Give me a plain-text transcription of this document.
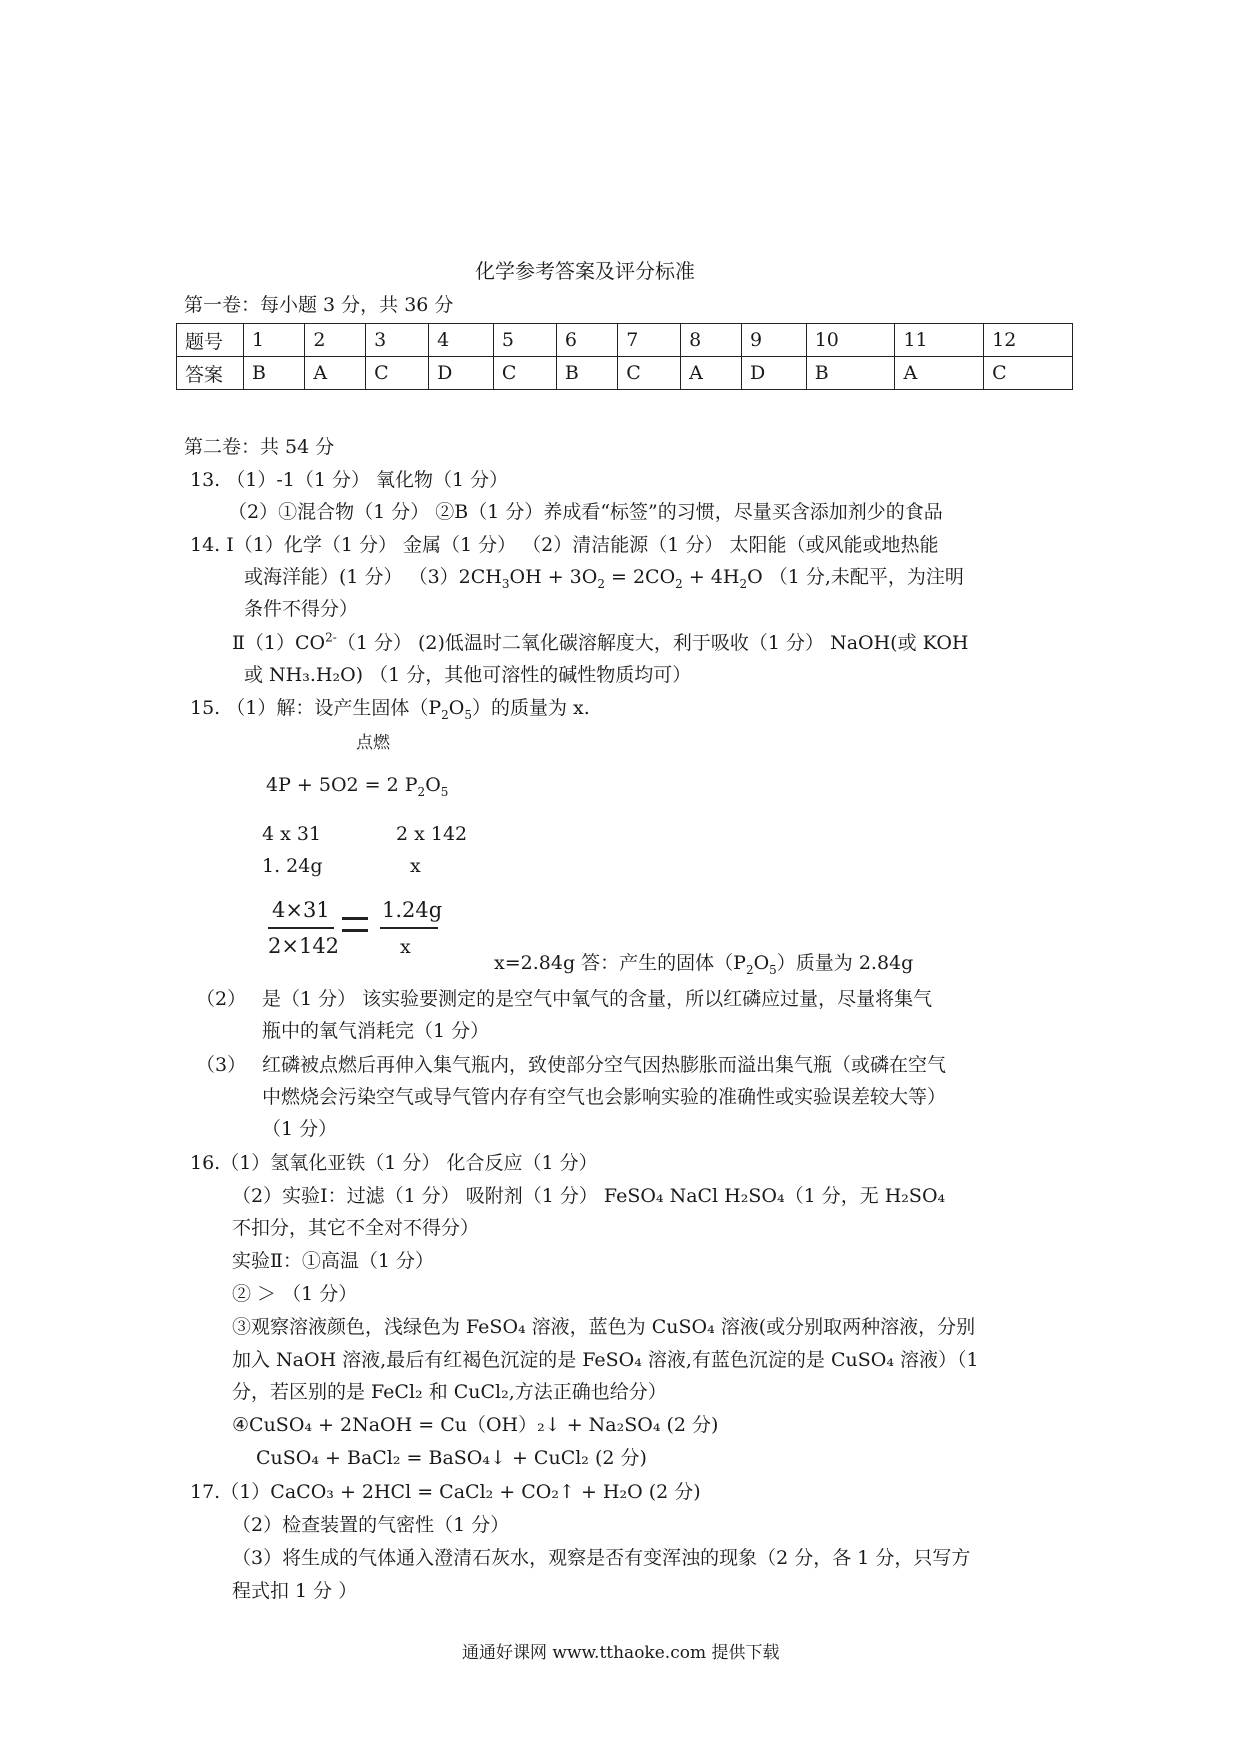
化学参考答案及评分标准
第一卷：每小题 3 分，共 36 分
题号	1	2	3	4	5	6	7	8	9	10	11	12
答案	B	A	C	D	C	B	C	A	D	B	A	C
第二卷：共 54 分
13. （1）-1（1 分） 氧化物（1 分）
（2）①混合物（1 分） ②B（1 分）养成看“标签”的习惯，尽量买含添加剂少的食品
14. Ⅰ（1）化学（1 分） 金属（1 分） （2）清洁能源（1 分） 太阳能（或风能或地热能
或海洋能）(1 分） $(3)2CH_3OH + 3O_2 = 2CO_2 + 4H_2O$ （1 分,未配平，为注明
条件不得分）
$Ⅱ(1)CO^{2-}(1$ 分） (2)低温时二氧化碳溶解度大，利于吸收（1 分） NaOH(或 KOH
或 NH₃.H₂O) （1 分，其他可溶性的碱性物质均可）
15. （1）解：设产生固体$(P_2O_5)$的质量为 x.
点燃
4P + 5O2 = 2 $P_2O_5$
4 x 31	2 x 142
1. 24g	x
4×31
2×142
1.24g
x
x=2.84g 答：产生的固体$(P_2O_5)$质量为 2.84g
（2） 是（1 分） 该实验要测定的是空气中氧气的含量，所以红磷应过量，尽量将集气
瓶中的氧气消耗完（1 分）
（3） 红磷被点燃后再伸入集气瓶内，致使部分空气因热膨胀而溢出集气瓶（或磷在空气
中燃烧会污染空气或导气管内存有空气也会影响实验的准确性或实验误差较大等）
（1 分）
16.（1）氢氧化亚铁（1 分） 化合反应（1 分）
（2）实验Ⅰ：过滤（1 分） 吸附剂（1 分） FeSO₄ NaCl H₂SO₄（1 分，无 H₂SO₄
不扣分，其它不全对不得分）
实验Ⅱ：①高温（1 分）
② ＞ （1 分）
③观察溶液颜色，浅绿色为 FeSO₄ 溶液，蓝色为 CuSO₄ 溶液(或分别取两种溶液，分别
加入 NaOH 溶液,最后有红褐色沉淀的是 FeSO₄ 溶液,有蓝色沉淀的是 CuSO₄ 溶液）（1
分，若区别的是 FeCl₂ 和 CuCl₂,方法正确也给分）
④CuSO₄ + 2NaOH = Cu（OH）₂↓ + Na₂SO₄ (2 分)
CuSO₄ + BaCl₂ = BaSO₄↓ + CuCl₂ (2 分)
17.（1）CaCO₃ + 2HCl = CaCl₂ + CO₂↑ + H₂O (2 分)
（2）检查装置的气密性（1 分）
（3）将生成的气体通入澄清石灰水，观察是否有变浑浊的现象（2 分，各 1 分，只写方
程式扣 1 分 ）
通通好课网 www.tthaoke.com 提供下载
